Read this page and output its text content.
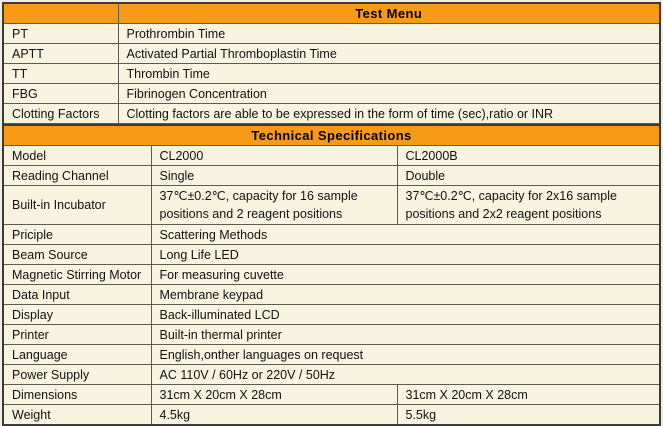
	Test Menu
PT	Prothrombin Time
APTT	Activated Partial Thromboplastin Time
TT	Thrombin Time
FBG	Fibrinogen Concentration
Clotting Factors	Clotting factors are able to be expressed in the form of time (sec),ratio or INR
Technical Specifications		
Model	CL2000	CL2000B
Reading Channel	Single	Double
Built-in Incubator	37℃±0.2℃, capacity for 16 sample positions and 2 reagent positions	37℃±0.2℃, capacity for 2x16 sample positions and 2x2 reagent positions
Priciple	Scattering Methods	
Beam Source	Long Life LED	
Magnetic Stirring Motor	For measuring cuvette	
Data Input	Membrane keypad	
Display	Back-illuminated LCD	
Printer	Built-in thermal printer	
Language	English,onther languages on request	
Power Supply	AC 110V / 60Hz or 220V / 50Hz	
Dimensions	31cm X 20cm X 28cm	31cm X 20cm X 28cm
Weight	4.5kg	5.5kg
